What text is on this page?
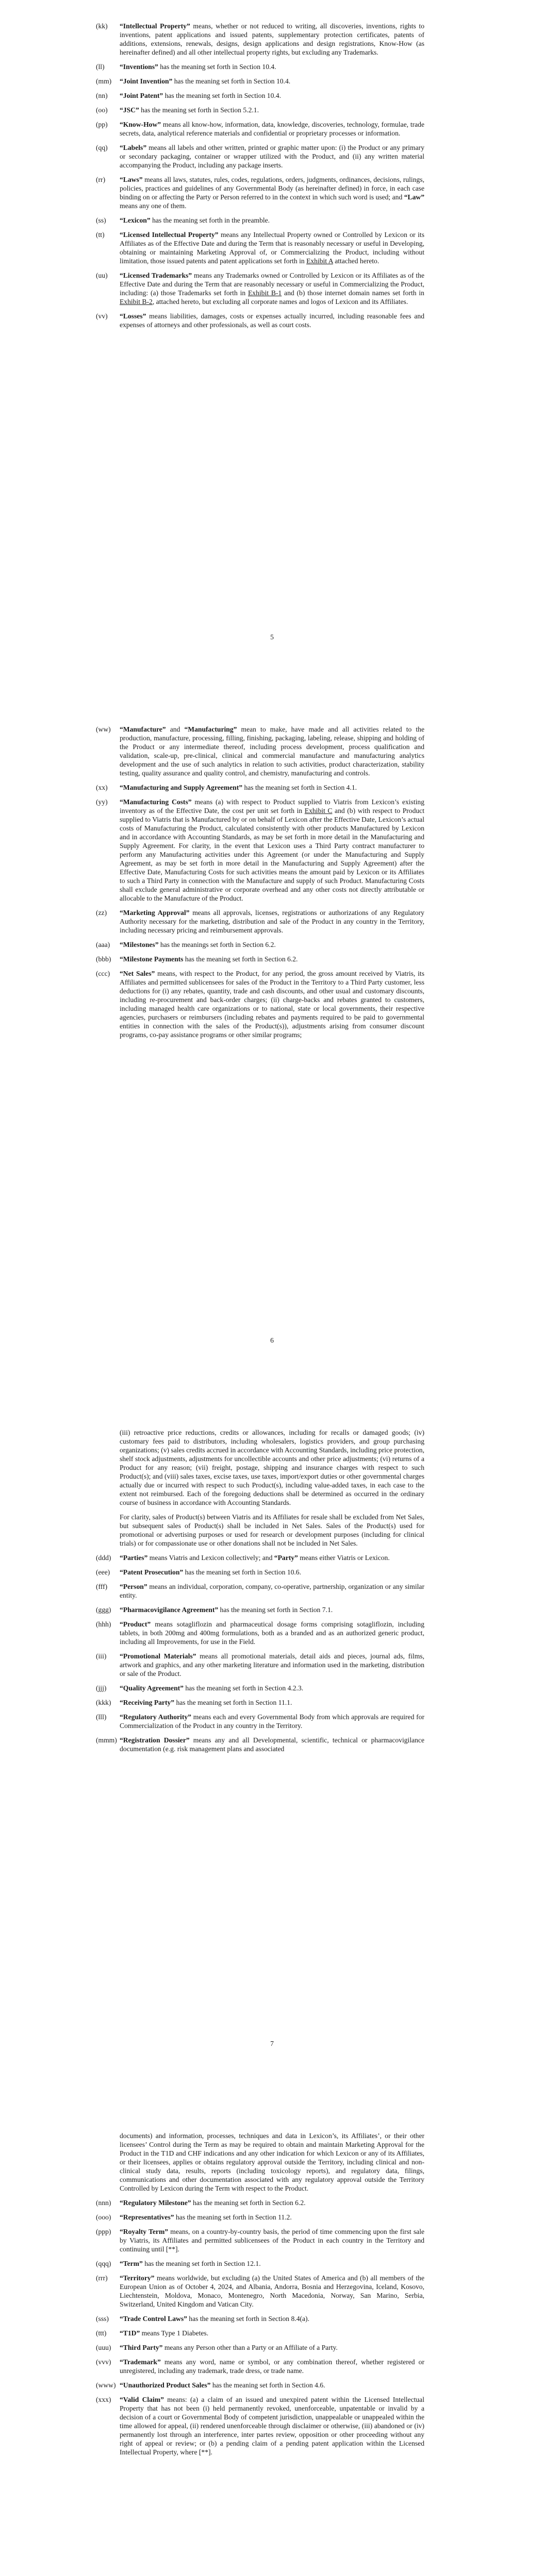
(kk)	“Intellectual Property” means, whether or not reduced to writing, all discoveries, inventions, rights to inventions, patent applications and issued patents, supplementary protection certificates, patents of additions, extensions, renewals, designs, design applications and design registrations, Know-How (as hereinafter defined) and all other intellectual property rights, but excluding any Trademarks.
(ll)	“Inventions” has the meaning set forth in Section 10.4.
(mm)	“Joint Invention” has the meaning set forth in Section 10.4.
(nn)	“Joint Patent” has the meaning set forth in Section 10.4.
(oo)	“JSC” has the meaning set forth in Section 5.2.1.
(pp)	“Know-How” means all know-how, information, data, knowledge, discoveries, technology, formulae, trade secrets, data, analytical reference materials and confidential or proprietary processes or information.
(qq)	“Labels” means all labels and other written, printed or graphic matter upon: (i) the Product or any primary or secondary packaging, container or wrapper utilized with the Product, and (ii) any written material accompanying the Product, including any package inserts.
(rr)	“Laws” means all laws, statutes, rules, codes, regulations, orders, judgments, ordinances, decisions, rulings, policies, practices and guidelines of any Governmental Body (as hereinafter defined) in force, in each case binding on or affecting the Party or Person referred to in the context in which such word is used; and “Law” means any one of them.
(ss)	“Lexicon” has the meaning set forth in the preamble.
(tt)	“Licensed Intellectual Property” means any Intellectual Property owned or Controlled by Lexicon or its Affiliates as of the Effective Date and during the Term that is reasonably necessary or useful in Developing, obtaining or maintaining Marketing Approval of, or Commercializing the Product, including without limitation, those issued patents and patent applications set forth in Exhibit A attached hereto.
(uu)	“Licensed Trademarks” means any Trademarks owned or Controlled by Lexicon or its Affiliates as of the Effective Date and during the Term that are reasonably necessary or useful in Commercializing the Product, including: (a) those Trademarks set forth in Exhibit B-1 and (b) those internet domain names set forth in Exhibit B-2, attached hereto, but excluding all corporate names and logos of Lexicon and its Affiliates.
(vv)	“Losses” means liabilities, damages, costs or expenses actually incurred, including reasonable fees and expenses of attorneys and other professionals, as well as court costs.
5
(ww)	“Manufacture” and “Manufacturing” mean to make, have made and all activities related to the production, manufacture, processing, filling, finishing, packaging, labeling, release, shipping and holding of the Product or any intermediate thereof, including process development, process qualification and validation, scale-up, pre-clinical, clinical and commercial manufacture and manufacturing analytics development and the use of such analytics in relation to such activities, product characterization, stability testing, quality assurance and quality control, and chemistry, manufacturing and controls.
(xx)	“Manufacturing and Supply Agreement” has the meaning set forth in Section 4.1.
(yy)	“Manufacturing Costs” means (a) with respect to Product supplied to Viatris from Lexicon’s existing inventory as of the Effective Date, the cost per unit set forth in Exhibit C and (b) with respect to Product supplied to Viatris that is Manufactured by or on behalf of Lexicon after the Effective Date, Lexicon’s actual costs of Manufacturing the Product, calculated consistently with other products Manufactured by Lexicon and in accordance with Accounting Standards, as may be set forth in more detail in the Manufacturing and Supply Agreement. For clarity, in the event that Lexicon uses a Third Party contract manufacturer to perform any Manufacturing activities under this Agreement (or under the Manufacturing and Supply Agreement, as may be set forth in more detail in the Manufacturing and Supply Agreement) after the Effective Date, Manufacturing Costs for such activities means the amount paid by Lexicon or its Affiliates to such a Third Party in connection with the Manufacture and supply of such Product. Manufacturing Costs shall exclude general administrative or corporate overhead and any other costs not directly attributable or allocable to the Manufacture of the Product.
(zz)	“Marketing Approval” means all approvals, licenses, registrations or authorizations of any Regulatory Authority necessary for the marketing, distribution and sale of the Product in any country in the Territory, including necessary pricing and reimbursement approvals.
(aaa)	“Milestones” has the meanings set forth in Section 6.2.
(bbb)	“Milestone Payments has the meaning set forth in Section 6.2.
(ccc)	“Net Sales” means, with respect to the Product, for any period, the gross amount received by Viatris, its Affiliates and permitted sublicensees for sales of the Product in the Territory to a Third Party customer, less deductions for (i) any rebates, quantity, trade and cash discounts, and other usual and customary discounts, including re-procurement and back-order charges; (ii) charge-backs and rebates granted to customers, including managed health care organizations or to national, state or local governments, their respective agencies, purchasers or reimbursers (including rebates and payments required to be paid to governmental entities in connection with the sales of the Product(s)), adjustments arising from consumer discount programs, co-pay assistance programs or other similar programs;
6
(iii) retroactive price reductions, credits or allowances, including for recalls or damaged goods; (iv) customary fees paid to distributors, including wholesalers, logistics providers, and group purchasing organizations; (v) sales credits accrued in accordance with Accounting Standards, including price protection, shelf stock adjustments, adjustments for uncollectible accounts and other price adjustments; (vi) returns of a Product for any reason; (vii) freight, postage, shipping and insurance charges with respect to such Product(s); and (viii) sales taxes, excise taxes, use taxes, import/export duties or other governmental charges actually due or incurred with respect to such Product(s), including value-added taxes, in each case to the extent not reimbursed. Each of the foregoing deductions shall be determined as occurred in the ordinary course of business in accordance with Accounting Standards.
For clarity, sales of Product(s) between Viatris and its Affiliates for resale shall be excluded from Net Sales, but subsequent sales of Product(s) shall be included in Net Sales. Sales of the Product(s) used for promotional or advertising purposes or used for research or development purposes (including for clinical trials) or for compassionate use or other donations shall not be included in Net Sales.
(ddd)	“Parties” means Viatris and Lexicon collectively; and “Party” means either Viatris or Lexicon.
(eee)	“Patent Prosecution” has the meaning set forth in Section 10.6.
(fff)	“Person” means an individual, corporation, company, co-operative, partnership, organization or any similar entity.
(ggg)	“Pharmacovigilance Agreement” has the meaning set forth in Section 7.1.
(hhh)	“Product” means sotagliflozin and pharmaceutical dosage forms comprising sotagliflozin, including tablets, in both 200mg and 400mg formulations, both as a branded and as an authorized generic product, including all Improvements, for use in the Field.
(iii)	“Promotional Materials” means all promotional materials, detail aids and pieces, journal ads, films, artwork and graphics, and any other marketing literature and information used in the marketing, distribution or sale of the Product.
(jjj)	“Quality Agreement” has the meaning set forth in Section 4.2.3.
(kkk)	“Receiving Party” has the meaning set forth in Section 11.1.
(lll)	“Regulatory Authority” means each and every Governmental Body from which approvals are required for Commercialization of the Product in any country in the Territory.
(mmm) “Registration Dossier” means any and all Developmental, scientific, technical or pharmacovigilance documentation (e.g. risk management plans and associated
7
documents) and information, processes, techniques and data in Lexicon’s, its Affiliates’, or their other licensees’ Control during the Term as may be required to obtain and maintain Marketing Approval for the Product in the T1D and CHF indications and any other indication for which Lexicon or any of its Affiliates, or their licensees, applies or obtains regulatory approval outside the Territory, including clinical and non-clinical study data, results, reports (including toxicology reports), and regulatory data, filings, communications and other documentation associated with any regulatory approval outside the Territory Controlled by Lexicon during the Term with respect to the Product.
(nnn)	“Regulatory Milestone” has the meaning set forth in Section 6.2.
(ooo)	“Representatives” has the meaning set forth in Section 11.2.
(ppp)	“Royalty Term” means, on a country-by-country basis, the period of time commencing upon the first sale by Viatris, its Affiliates and permitted sublicensees of the Product in each country in the Territory and continuing until [**].
(qqq)	“Term” has the meaning set forth in Section 12.1.
(rrr)	“Territory” means worldwide, but excluding (a) the United States of America and (b) all members of the European Union as of October 4, 2024, and Albania, Andorra, Bosnia and Herzegovina, Iceland, Kosovo, Liechtenstein, Moldova, Monaco, Montenegro, North Macedonia, Norway, San Marino, Serbia, Switzerland, United Kingdom and Vatican City.
(sss)	“Trade Control Laws” has the meaning set forth in Section 8.4(a).
(ttt)	“T1D” means Type 1 Diabetes.
(uuu)	“Third Party” means any Person other than a Party or an Affiliate of a Party.
(vvv)	“Trademark” means any word, name or symbol, or any combination thereof, whether registered or unregistered, including any trademark, trade dress, or trade name.
(www) “Unauthorized Product Sales” has the meaning set forth in Section 4.6.
(xxx)	“Valid Claim” means: (a) a claim of an issued and unexpired patent within the Licensed Intellectual Property that has not been (i) held permanently revoked, unenforceable, unpatentable or invalid by a decision of a court or Governmental Body of competent jurisdiction, unappealable or unappealed within the time allowed for appeal, (ii) rendered unenforceable through disclaimer or otherwise, (iii) abandoned or (iv) permanently lost through an interference, inter partes review, opposition or other proceeding without any right of appeal or review; or (b) a pending claim of a pending patent application within the Licensed Intellectual Property, where [**].
